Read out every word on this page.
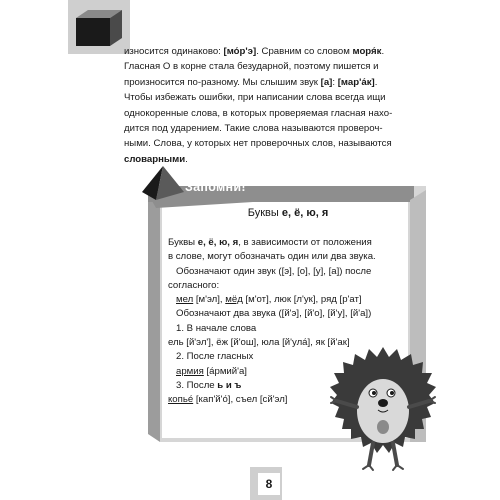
износится одинаково: [мо́р'э]. Сравним со словом моря́к.
Гласная О в корне стала безударной, поэтому пишется и
произносится по-разному. Мы слышим звук [а]: [мар'а́к].
Чтобы избежать ошибки, при написании слова всегда ищи
однокоренные слова, в которых проверяемая гласная нахо-
дится под ударением. Такие слова называются провероч-
ными. Слова, у которых нет проверочных слов, называются
словарными.
Запомни!
Буквы е, ё, ю, я
Буквы е, ё, ю, я, в зависимости от положения
в слове, могут обозначать один или два звука.
Обозначают один звук ([э], [о], [у], [а]) после
согласного:
мел [м'эл], мёд [м'от], люк [л'ук], ряд [р'ат]
Обозначают два звука ([й'э], [й'о], [й'у], [й'а])
1. В начале слова
ель [й'эл'], ёж [й'ош], юла [й'ула́], як [й'ак]
2. После гласных
армия [а́рмий'а]
3. После ь и ъ
копье́ [кап'й'о́], съел [сй'эл]
8
